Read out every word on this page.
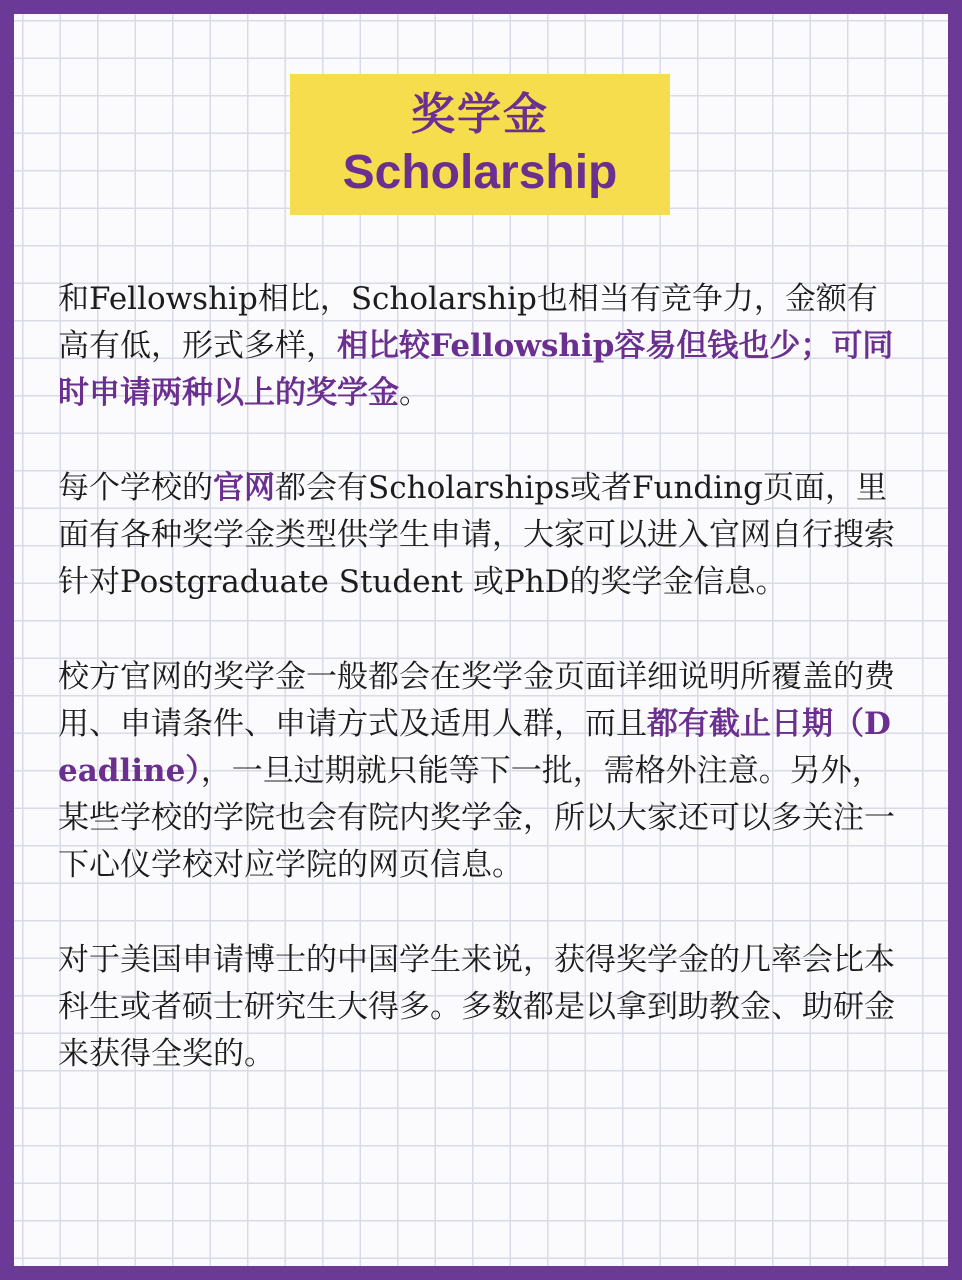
奖学金
Scholarship

和Fellowship相比，Scholarship也相当有竞争力，金额有高有低，形式多样，相比较Fellowship容易但钱也少；可同时申请两种以上的奖学金。

每个学校的官网都会有Scholarships或者Funding页面，里面有各种奖学金类型供学生申请，大家可以进入官网自行搜索针对Postgraduate Student 或PhD的奖学金信息。

校方官网的奖学金一般都会在奖学金页面详细说明所覆盖的费用、申请条件、申请方式及适用人群，而且都有截止日期（Deadline），一旦过期就只能等下一批，需格外注意。另外，某些学校的学院也会有院内奖学金，所以大家还可以多关注一下心仪学校对应学院的网页信息。

对于美国申请博士的中国学生来说，获得奖学金的几率会比本科生或者硕士研究生大得多。多数都是以拿到助教金、助研金来获得全奖的。
